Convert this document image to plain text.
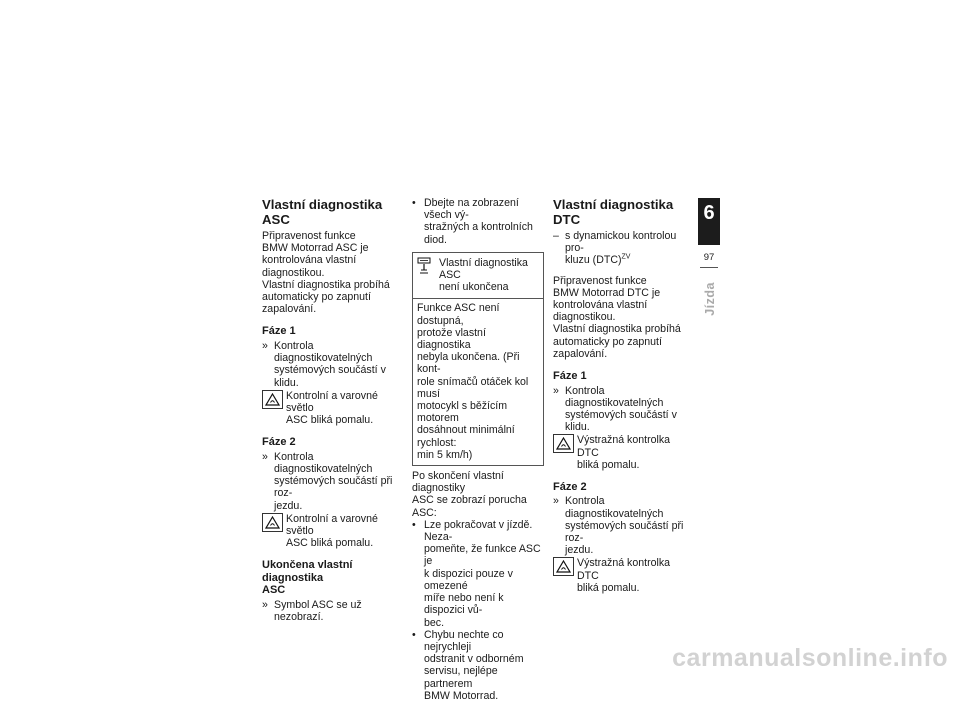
Vlastní diagnostika ASC

Připravenost funkce
BMW Motorrad ASC je
kontrolována vlastní diagnostikou.
Vlastní diagnostika probíhá
automaticky po zapnutí
zapalování.

Fáze 1
» Kontrola diagnostikovatelných
systémových součástí v klidu.
Kontrolní a varovné světlo
ASC bliká pomalu.
Fáze 2
» Kontrola diagnostikovatelných
systémových součástí při roz-
jezdu.
Kontrolní a varovné světlo
ASC bliká pomalu.
Ukončena vlastní diagnostika
ASC
» Symbol ASC se už nezobrazí.
• Dbejte na zobrazení všech vý-
stražných a kontrolních diod.
Vlastní diagnostika ASC
není ukončena
Funkce ASC není dostupná,
protože vlastní diagnostika
nebyla ukončena. (Při kont-
role snímačů otáček kol musí
motocykl s běžícím motorem
dosáhnout minimální rychlost:
min 5 km/h)

Po skončení vlastní diagnostiky
ASC se zobrazí porucha ASC:

• Lze pokračovat v jízdě. Neza-
pomeňte, že funkce ASC je
k dispozici pouze v omezené
míře nebo není k dispozici vů-
bec.
• Chybu nechte co nejrychleji
odstranit v odborném
servisu, nejlépe partnerem
BMW Motorrad.
Vlastní diagnostika DTC
– s dynamickou kontrolou pro-
kluzu (DTC)$^{ZV}$

Připravenost funkce
BMW Motorrad DTC je
kontrolována vlastní diagnostikou.
Vlastní diagnostika probíhá
automaticky po zapnutí
zapalování.

Fáze 1
» Kontrola diagnostikovatelných
systémových součástí v klidu.
Výstražná kontrolka DTC
bliká pomalu.
Fáze 2
» Kontrola diagnostikovatelných
systémových součástí při roz-
jezdu.
Výstražná kontrolka DTC
bliká pomalu.
6
97
Jízda
carmanualsonline.info
